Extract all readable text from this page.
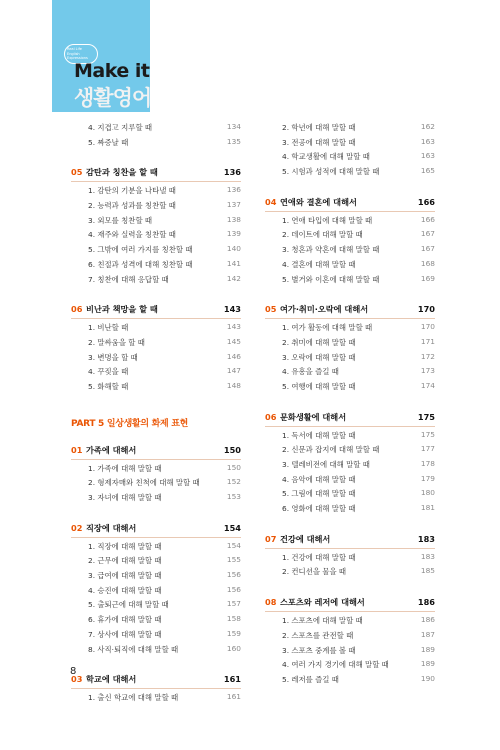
Real Life
English
Expressions
Make it
생활영어
4. 지겹고 지루할 때	134
5. 짜증날 때	135
05 감탄과 칭찬을 할 때	136
1. 감탄의 기분을 나타낼 때	136
2. 능력과 성과를 칭찬할 때	137
3. 외모를 칭찬할 때	138
4. 재주와 실력을 칭찬할 때	139
5. 그밖에 여러 가지를 칭찬할 때	140
6. 친절과 성격에 대해 칭찬할 때	141
7. 칭찬에 대해 응답할 때	142
06 비난과 책망을 할 때	143
1. 비난할 때	143
2. 말싸움을 할 때	145
3. 변명을 할 때	146
4. 꾸짖을 때	147
5. 화해할 때	148
PART 5 일상생활의 화제 표현
01 가족에 대해서	150
1. 가족에 대해 말할 때	150
2. 형제자매와 친척에 대해 말할 때	152
3. 자녀에 대해 말할 때	153
02 직장에 대해서	154
1. 직장에 대해 말할 때	154
2. 근무에 대해 말할 때	155
3. 급여에 대해 말할 때	156
4. 승진에 대해 말할 때	156
5. 출퇴근에 대해 말할 때	157
6. 휴가에 대해 말할 때	158
7. 상사에 대해 말할 때	159
8. 사직·퇴직에 대해 말할 때	160
03 학교에 대해서	161
1. 출신 학교에 대해 말할 때	161
2. 학년에 대해 말할 때	162
3. 전공에 대해 말할 때	163
4. 학교생활에 대해 말할 때	163
5. 시험과 성적에 대해 말할 때	165
04 연애와 결혼에 대해서	166
1. 연애 타입에 대해 말할 때	166
2. 데이트에 대해 말할 때	167
3. 청혼과 약혼에 대해 말할 때	167
4. 결혼에 대해 말할 때	168
5. 별거와 이혼에 대해 말할 때	169
05 여가·취미·오락에 대해서	170
1. 여가 활동에 대해 말할 때	170
2. 취미에 대해 말할 때	171
3. 오락에 대해 말할 때	172
4. 유흥을 즐길 때	173
5. 여행에 대해 말할 때	174
06 문화생활에 대해서	175
1. 독서에 대해 말할 때	175
2. 신문과 잡지에 대해 말할 때	177
3. 텔레비전에 대해 말할 때	178
4. 음악에 대해 말할 때	179
5. 그림에 대해 말할 때	180
6. 영화에 대해 말할 때	181
07 건강에 대해서	183
1. 건강에 대해 말할 때	183
2. 컨디션을 물을 때	185
08 스포츠와 레저에 대해서	186
1. 스포츠에 대해 말할 때	186
2. 스포츠를 관전할 때	187
3. 스포츠 중계를 볼 때	189
4. 여러 가지 경기에 대해 말할 때	189
5. 레저를 즐길 때	190
8
